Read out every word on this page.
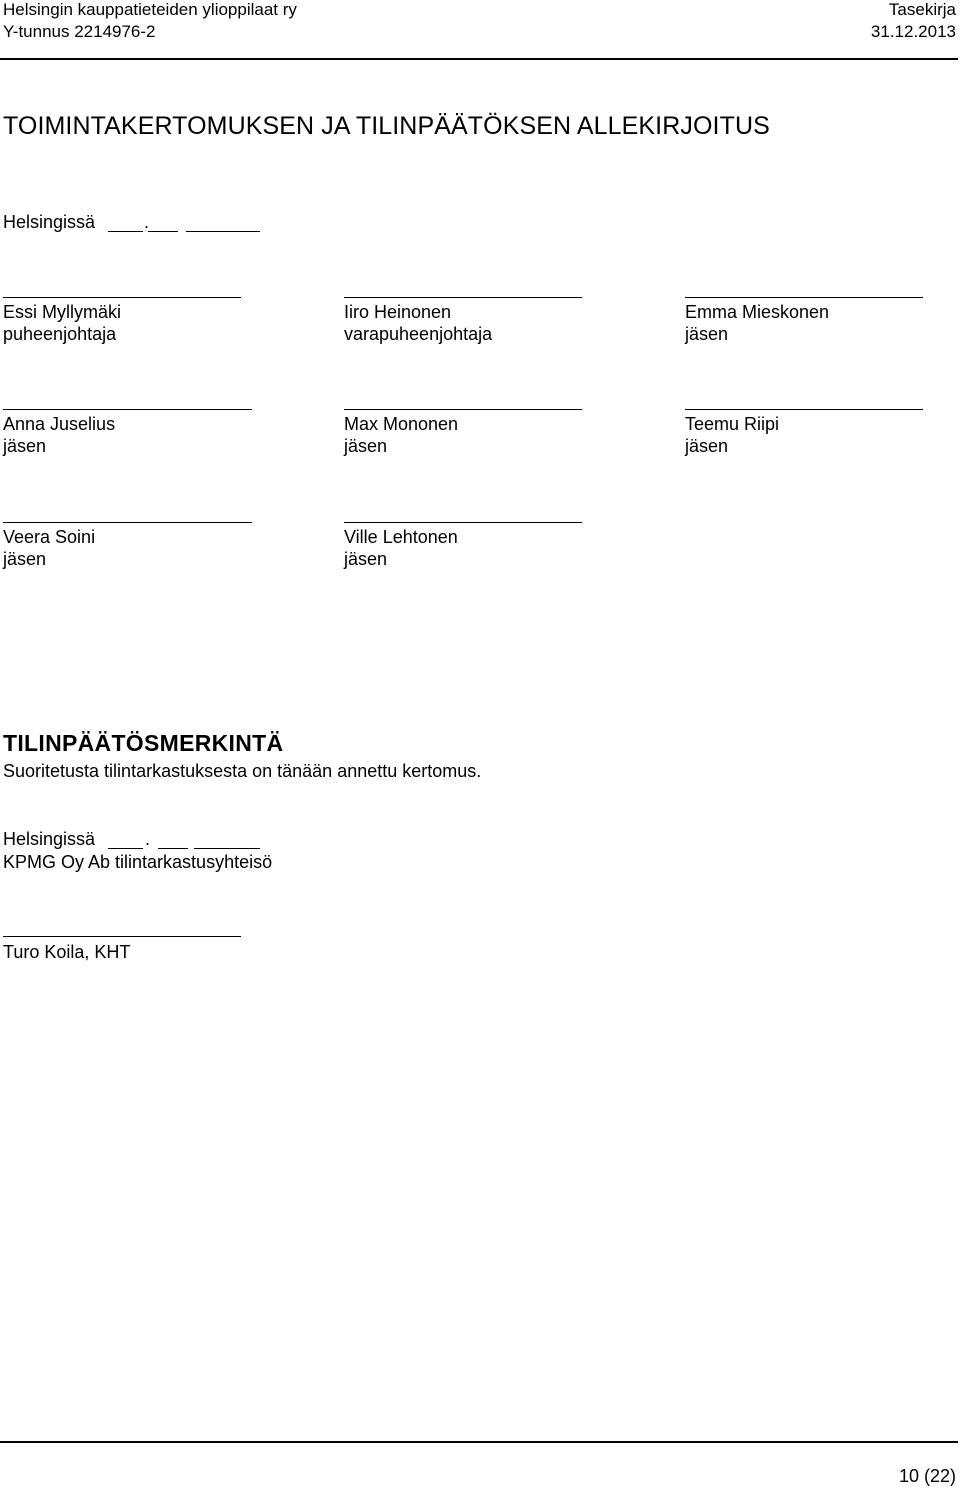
Helsingin kauppatieteiden ylioppilaat ry
Y-tunnus 2214976-2
Tasekirja
31.12.2013
TOIMINTAKERTOMUKSEN JA TILINPÄÄTÖKSEN ALLEKIRJOITUS
Helsingissä	.
Essi Myllymäki
puheenjohtaja
Iiro Heinonen
varapuheenjohtaja
Emma Mieskonen
jäsen
Anna Juselius
jäsen
Max Mononen
jäsen
Teemu Riipi
jäsen
Veera Soini
jäsen
Ville Lehtonen
jäsen
TILINPÄÄTÖSMERKINTÄ
Suoritetusta tilintarkastuksesta on tänään annettu kertomus.
Helsingissä	.
KPMG Oy Ab tilintarkastusyhteisö
Turo Koila, KHT
10 (22)
